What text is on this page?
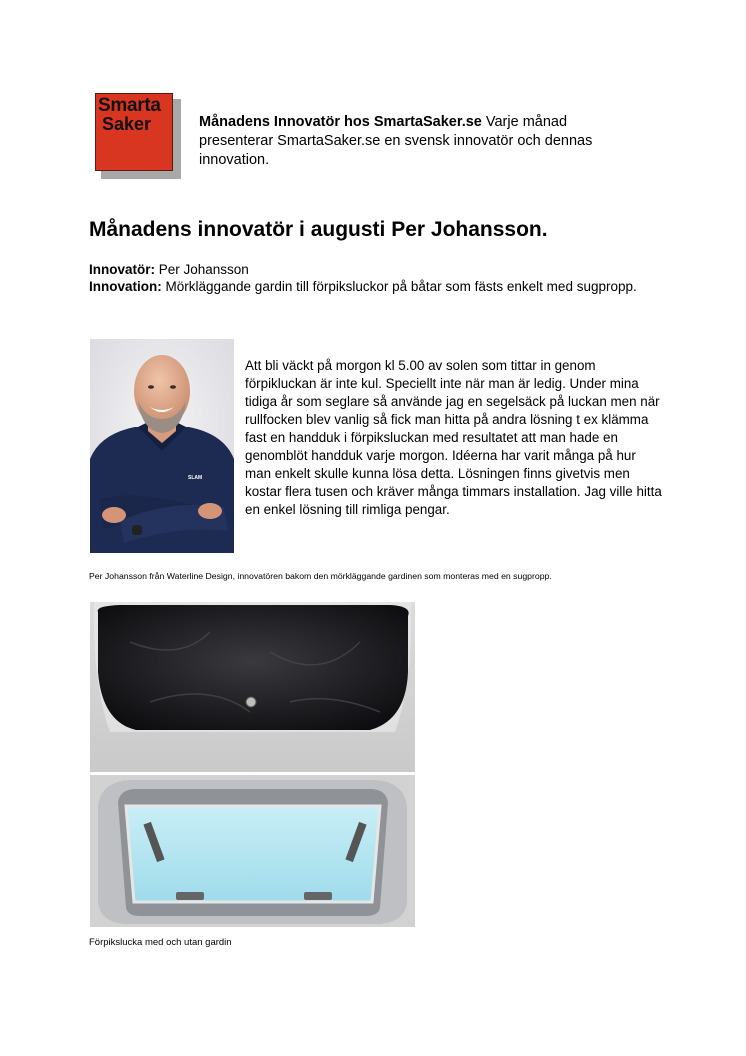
Smarta
Saker	Månadens Innovatör hos SmartaSaker.se Varje månad presenterar SmartaSaker.se en svensk innovatör och dennas innovation.
Månadens innovatör i augusti Per Johansson.
Innovatör: Per Johansson
Innovation: Mörkläggande gardin till förpiksluckor på båtar som fästs enkelt med sugpropp.
SLAM
Att bli väckt på morgon kl 5.00 av solen som tittar in genom förpikluckan är inte kul. Speciellt inte när man är ledig. Under mina tidiga år som seglare så använde jag en segelsäck på luckan men när rullfocken blev vanlig så fick man hitta på andra lösning t ex klämma fast en handduk i förpiksluckan med resultatet att man hade en genomblöt handduk varje morgon. Idéerna har varit många på hur man enkelt skulle kunna lösa detta. Lösningen finns givetvis men kostar flera tusen och kräver många timmars installation. Jag ville hitta en enkel lösning till rimliga pengar.
Per Johansson från Waterline Design, innovatören bakom den mörkläggande gardinen som monteras med en sugpropp.
Förpikslucka med och utan gardin
